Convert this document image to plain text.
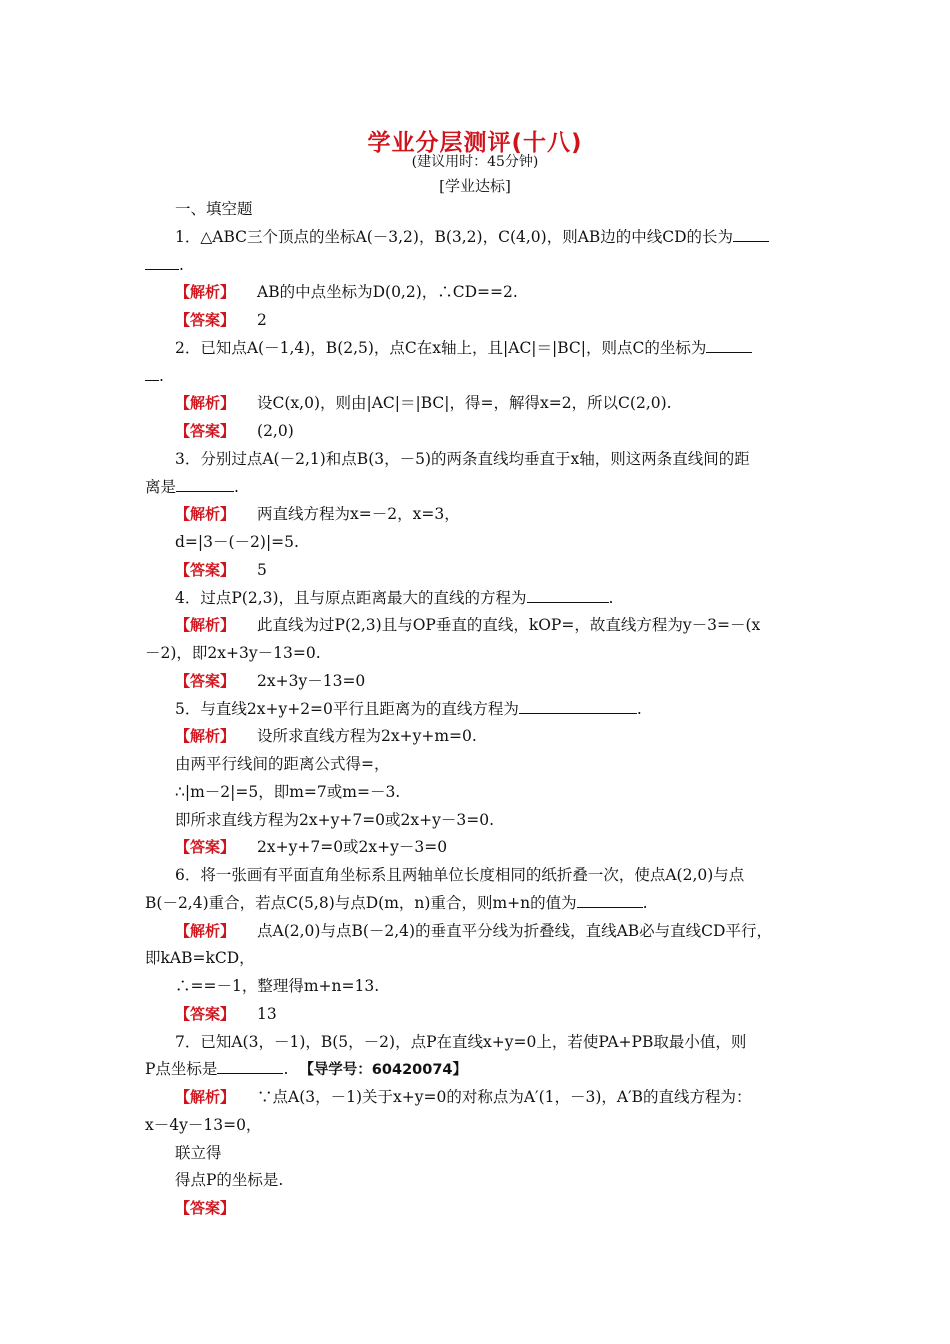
学业分层测评(十八)
(建议用时：45分钟)
[学业达标]
一、填空题
1．△ABC三个顶点的坐标A(－3,2)，B(3,2)，C(4,0)，则AB边的中线CD的长为
.
【解析】 AB的中点坐标为D(0,2)，∴CD==2.
【答案】 2
2．已知点A(－1,4)，B(2,5)，点C在x轴上，且|AC|＝|BC|，则点C的坐标为
.
【解析】 设C(x,0)，则由|AC|＝|BC|，得=，解得x=2，所以C(2,0).
【答案】 (2,0)
3．分别过点A(－2,1)和点B(3，－5)的两条直线均垂直于x轴，则这两条直线间的距
离是	.
【解析】 两直线方程为x=－2，x=3，
d=|3－(－2)|=5.
【答案】 5
4．过点P(2,3)，且与原点距离最大的直线的方程为	.
【解析】 此直线为过P(2,3)且与OP垂直的直线，kOP=，故直线方程为y－3=－(x
－2)，即2x+3y－13=0.
【答案】 2x+3y－13=0
5．与直线2x+y+2=0平行且距离为的直线方程为	.
【解析】 设所求直线方程为2x+y+m=0.
由两平行线间的距离公式得=，
∴|m－2|=5，即m=7或m=－3.
即所求直线方程为2x+y+7=0或2x+y－3=0.
【答案】 2x+y+7=0或2x+y－3=0
6．将一张画有平面直角坐标系且两轴单位长度相同的纸折叠一次，使点A(2,0)与点
B(－2,4)重合，若点C(5,8)与点D(m，n)重合，则m+n的值为	.
【解析】 点A(2,0)与点B(－2,4)的垂直平分线为折叠线，直线AB必与直线CD平行，
即kAB=kCD，
∴==－1，整理得m+n=13.
【答案】 13
7．已知A(3，－1)，B(5，－2)，点P在直线x+y=0上，若使PA+PB取最小值，则
P点坐标是	. 【导学号：60420074】
【解析】 ∵点A(3，－1)关于x+y=0的对称点为A′(1，－3)，A′B的直线方程为：
x－4y－13=0，
联立得
得点P的坐标是.
【答案】
